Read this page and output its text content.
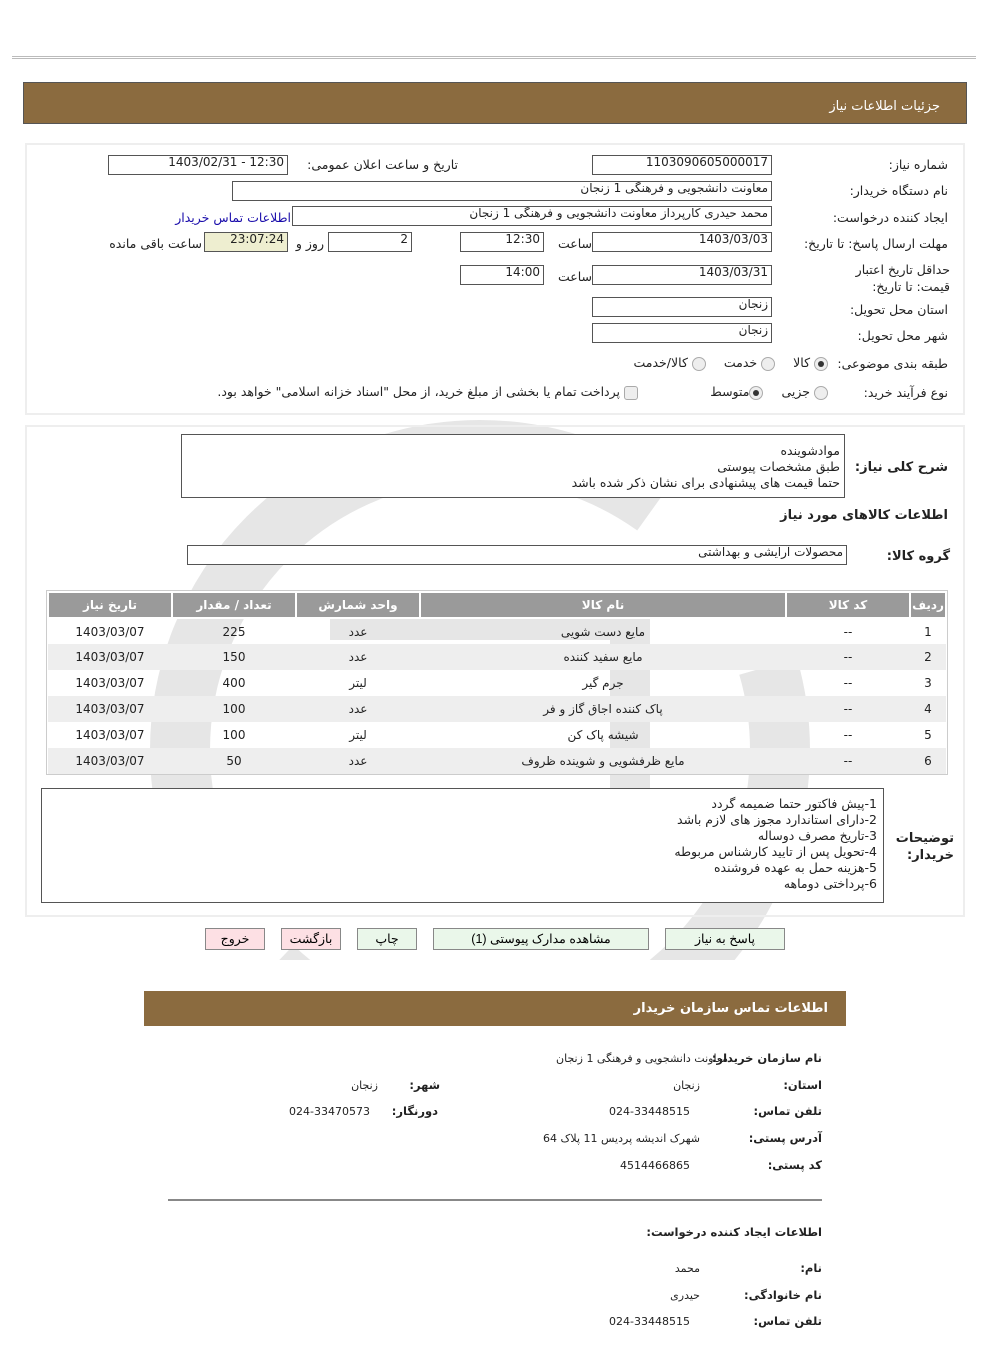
جزئیات اطلاعات نیاز
شماره نیاز:
1103090605000017
تاریخ و ساعت اعلان عمومی:
1403/02/31 - 12:30
نام دستگاه خریدار:
معاونت دانشجویی و فرهنگی 1 زنجان
ایجاد کننده درخواست:
محمد حیدری کارپرداز معاونت دانشجویی و فرهنگی 1 زنجان
اطلاعات تماس خریدار
مهلت ارسال پاسخ: تا تاریخ:
1403/03/03
ساعت
12:30
2
روز و
23:07:24
ساعت باقی مانده
حداقل تاریخ اعتبار قیمت: تا تاریخ:
1403/03/31
ساعت
14:00
استان محل تحویل:
زنجان
شهر محل تحویل:
زنجان
طبقه بندی موضوعی:
کالا
خدمت
کالا/خدمت
نوع فرآیند خرید:
جزیی
متوسط
پرداخت تمام یا بخشی از مبلغ خرید، از محل "اسناد خزانه اسلامی" خواهد بود.
شرح کلی نیاز:
موادشوینده
طبق مشخصات پیوستی
حتما قیمت های پیشنهادی برای نشان ذکر شده باشد
اطلاعات کالاهای مورد نیاز
گروه کالا:
محصولات آرایشی و بهداشتی
ردیف	کد کالا	نام کالا	واحد شمارش	تعداد / مقدار	تاریخ نیاز
1	--	مایع دست شویی	عدد	225	1403/03/07
2	--	مایع سفید کننده	عدد	150	1403/03/07
3	--	جرم گیر	لیتر	400	1403/03/07
4	--	پاک کننده اجاق گاز و فر	عدد	100	1403/03/07
5	--	شیشه پاک کن	لیتر	100	1403/03/07
6	--	مایع ظرفشویی و شوینده ظروف	عدد	50	1403/03/07
توضیحات خریدار:
1-پیش فاکتور حتما ضمیمه گردد
2-دارای استاندارد مجوز های لازم باشد
3-تاریخ مصرف دوساله
4-تحویل پس از تایید کارشناس مربوطه
5-هزینه حمل به عهده فروشنده
6-پرداختی دوماهه
پاسخ به نیاز
مشاهده مدارک پیوستی (1)
چاپ
بازگشت
خروج
اطلاعات تماس سازمان خریدار
نام سازمان خریدار:
معاونت دانشجویی و فرهنگی 1 زنجان
استان:
زنجان
شهر:
زنجان
تلفن تماس:
024-33448515
دورنگار:
024-33470573
آدرس پستی:
شهرک اندیشه پردیس 11 پلاک 64
کد پستی:
4514466865
اطلاعات ایجاد کننده درخواست:
نام:
محمد
نام خانوادگی:
حیدری
تلفن تماس:
024-33448515
